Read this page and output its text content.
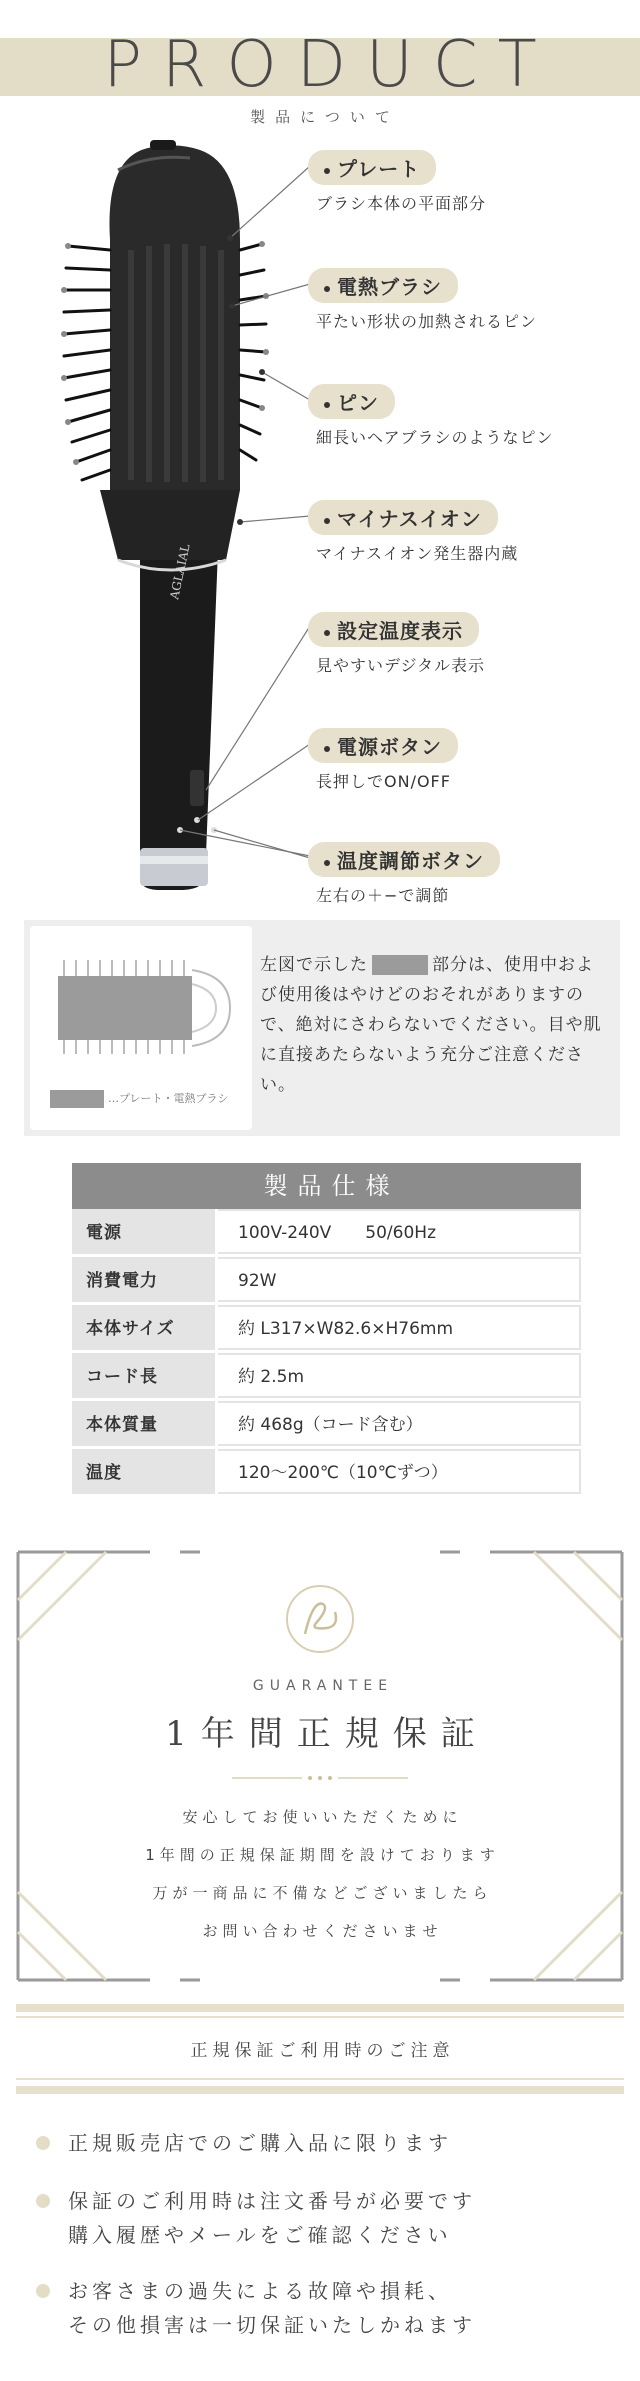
PRODUCT
製品について
AGLAIAL
プレート
ブラシ本体の平面部分
電熱ブラシ
平たい形状の加熱されるピン
ピン
細長いヘアブラシのようなピン
マイナスイオン
マイナスイオン発生器内蔵
設定温度表示
見やすいデジタル表示
電源ボタン
長押しでON/OFF
温度調節ボタン
左右の＋−で調節
…プレート・電熱ブラシ
左図で示した	部分は、使用中および使用後はやけどのおそれがありますので、絶対にさわらないでください。目や肌に直接あたらないよう充分ご注意ください。
製品仕様
電源	100V-240V　　50/60Hz
消費電力	92W
本体サイズ	約 L317×W82.6×H76mm
コード長	約 2.5m
本体質量	約 468g（コード含む）
温度	120〜200℃（10℃ずつ）
GUARANTEE
1年間正規保証
安心してお使いいただくために
1年間の正規保証期間を設けております
万が一商品に不備などございましたら
お問い合わせくださいませ
正規保証ご利用時のご注意
正規販売店でのご購入品に限ります
保証のご利用時は注文番号が必要です
購入履歴やメールをご確認ください
お客さまの過失による故障や損耗、
その他損害は一切保証いたしかねます
